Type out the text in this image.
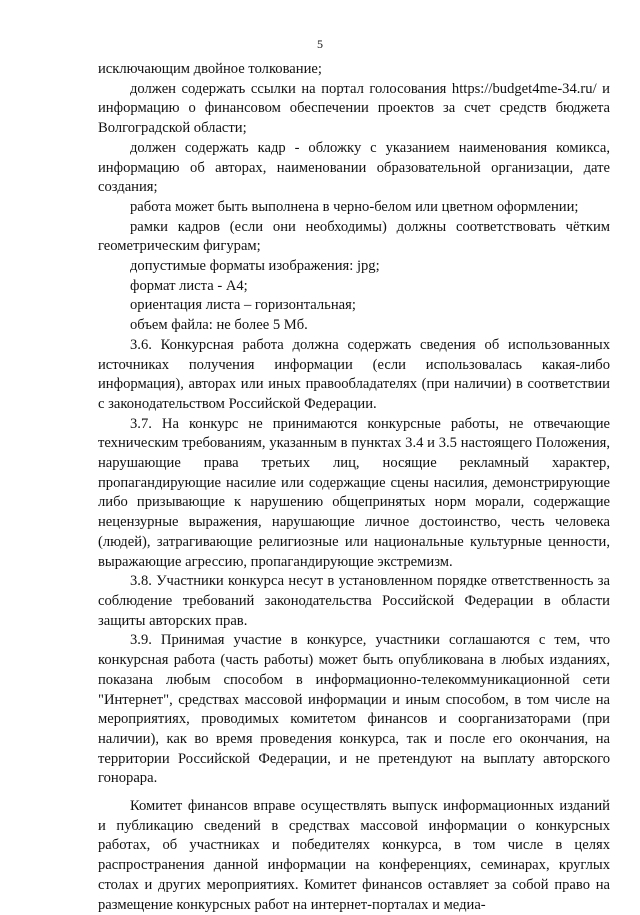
5

исключающим двойное толкование;

должен содержать ссылки на портал голосования https://budget4me-34.ru/ и информацию о финансовом обеспечении проектов за счет средств бюджета Волгоградской области;

должен содержать кадр - обложку с указанием наименования комикса, информацию об авторах, наименовании образовательной организации, дате создания;

работа может быть выполнена в черно-белом или цветном оформлении;

рамки кадров (если они необходимы) должны соответствовать чётким геометрическим фигурам;

допустимые форматы изображения: jpg;

формат листа - А4;

ориентация листа – горизонтальная;

объем файла: не более 5 Мб.

3.6. Конкурсная работа должна содержать сведения об использованных источниках получения информации (если использовалась какая-либо информация), авторах или иных правообладателях (при наличии) в соответствии с законодательством Российской Федерации.

3.7. На конкурс не принимаются конкурсные работы, не отвечающие техническим требованиям, указанным в пунктах 3.4 и 3.5 настоящего Положения, нарушающие права третьих лиц, носящие рекламный характер, пропагандирующие насилие или содержащие сцены насилия, демонстрирующие либо призывающие к нарушению общепринятых норм морали, содержащие нецензурные выражения, нарушающие личное достоинство, честь человека (людей), затрагивающие религиозные или национальные культурные ценности, выражающие агрессию, пропагандирующие экстремизм.

3.8. Участники конкурса несут в установленном порядке ответственность за соблюдение требований законодательства Российской Федерации в области защиты авторских прав.

3.9. Принимая участие в конкурсе, участники соглашаются с тем, что конкурсная работа (часть работы) может быть опубликована в любых изданиях, показана любым способом в информационно-телекоммуникационной сети "Интернет", средствах массовой информации и иным способом, в том числе на мероприятиях, проводимых комитетом финансов и соорганизаторами (при наличии), как во время проведения конкурса, так и после его окончания, на территории Российской Федерации, и не претендуют на выплату авторского гонорара.

Комитет финансов вправе осуществлять выпуск информационных изданий и публикацию сведений в средствах массовой информации о конкурсных работах, об участниках и победителях конкурса, в том числе в целях распространения данной информации на конференциях, семинарах, круглых столах и других мероприятиях. Комитет финансов оставляет за собой право на размещение конкурсных работ на интернет-порталах и медиа-
